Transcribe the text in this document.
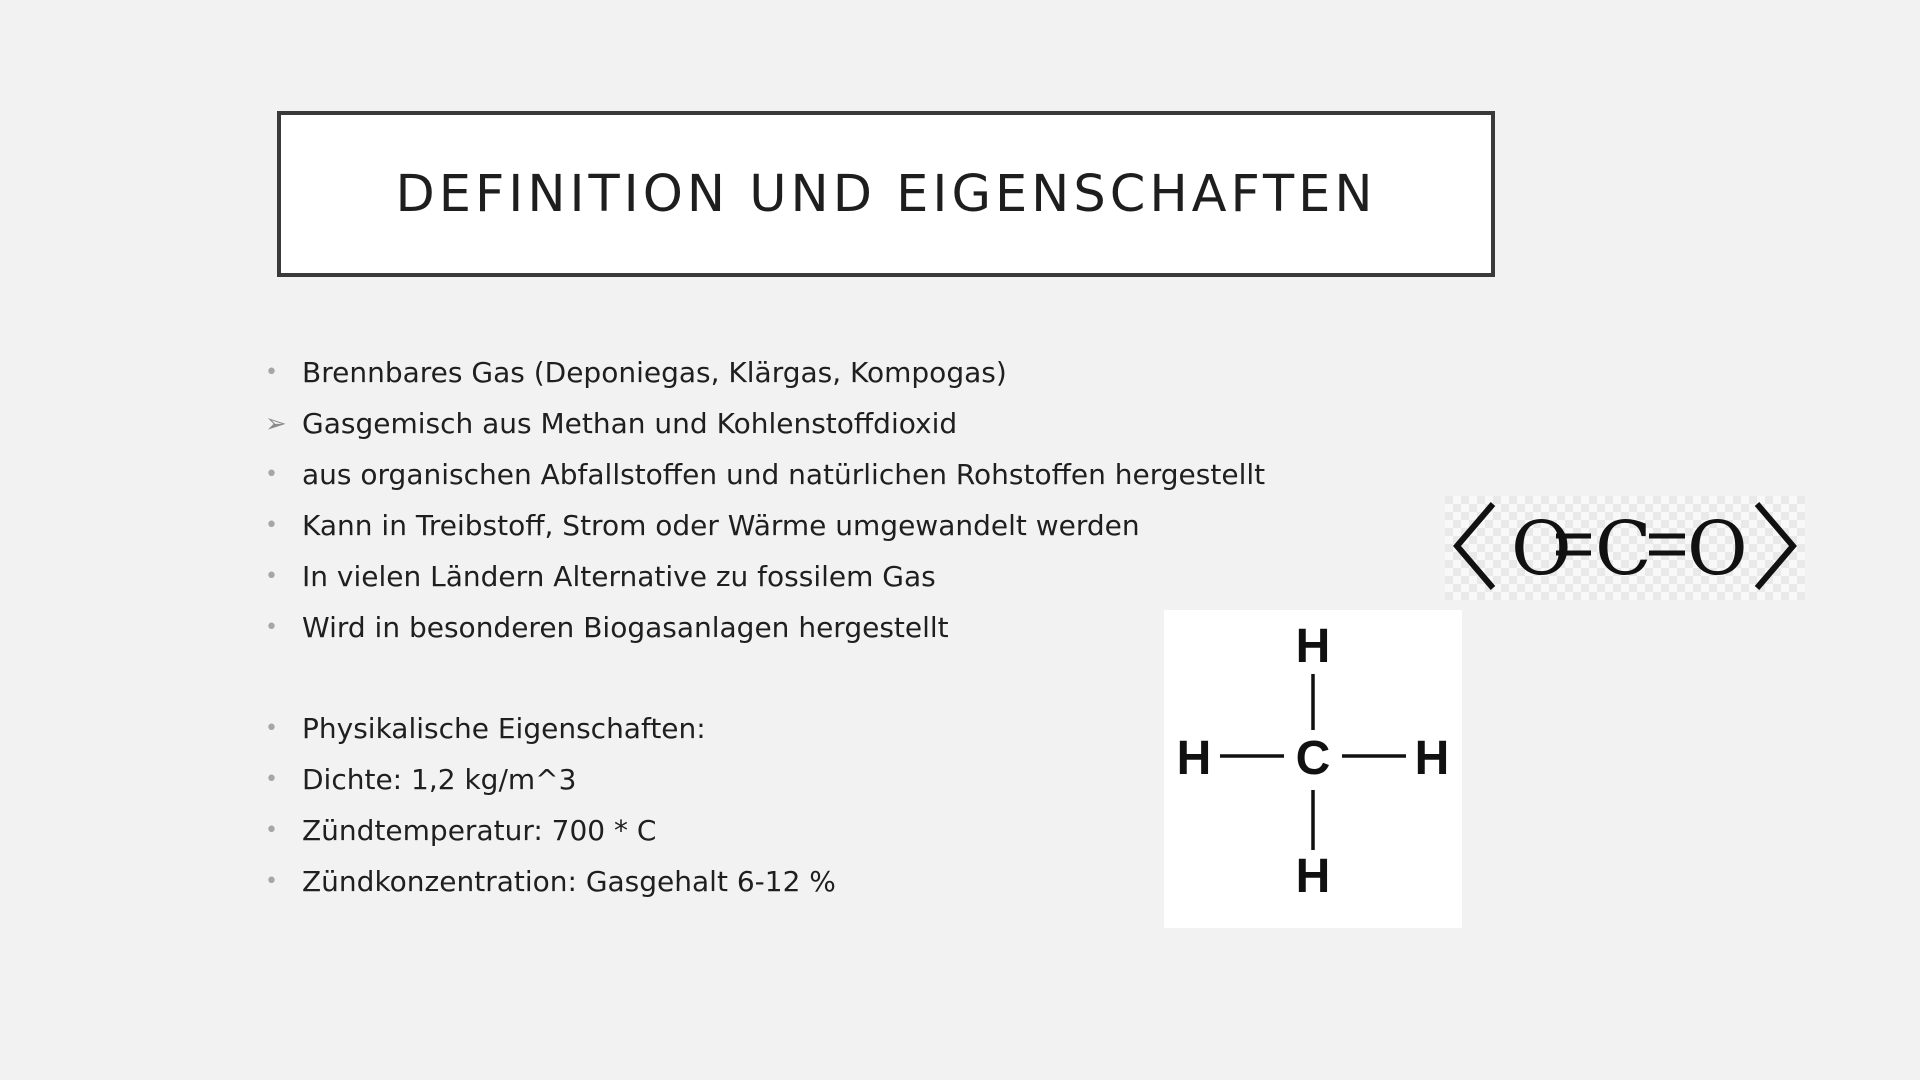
DEFINITION UND EIGENSCHAFTEN
• Brennbares Gas (Deponiegas, Klärgas, Kompogas)
➢ Gasgemisch aus Methan und Kohlenstoffdioxid
• aus organischen Abfallstoffen und natürlichen Rohstoffen hergestellt
• Kann in Treibstoff, Strom oder Wärme umgewandelt werden
• In vielen Ländern Alternative zu fossilem Gas
• Wird in besonderen Biogasanlagen hergestellt
• Physikalische Eigenschaften:
• Dichte: 1,2 kg/m^3
• Zündtemperatur: 700 * C
• Zündkonzentration: Gasgehalt 6-12 %
O C O
H
C
H	H
H
